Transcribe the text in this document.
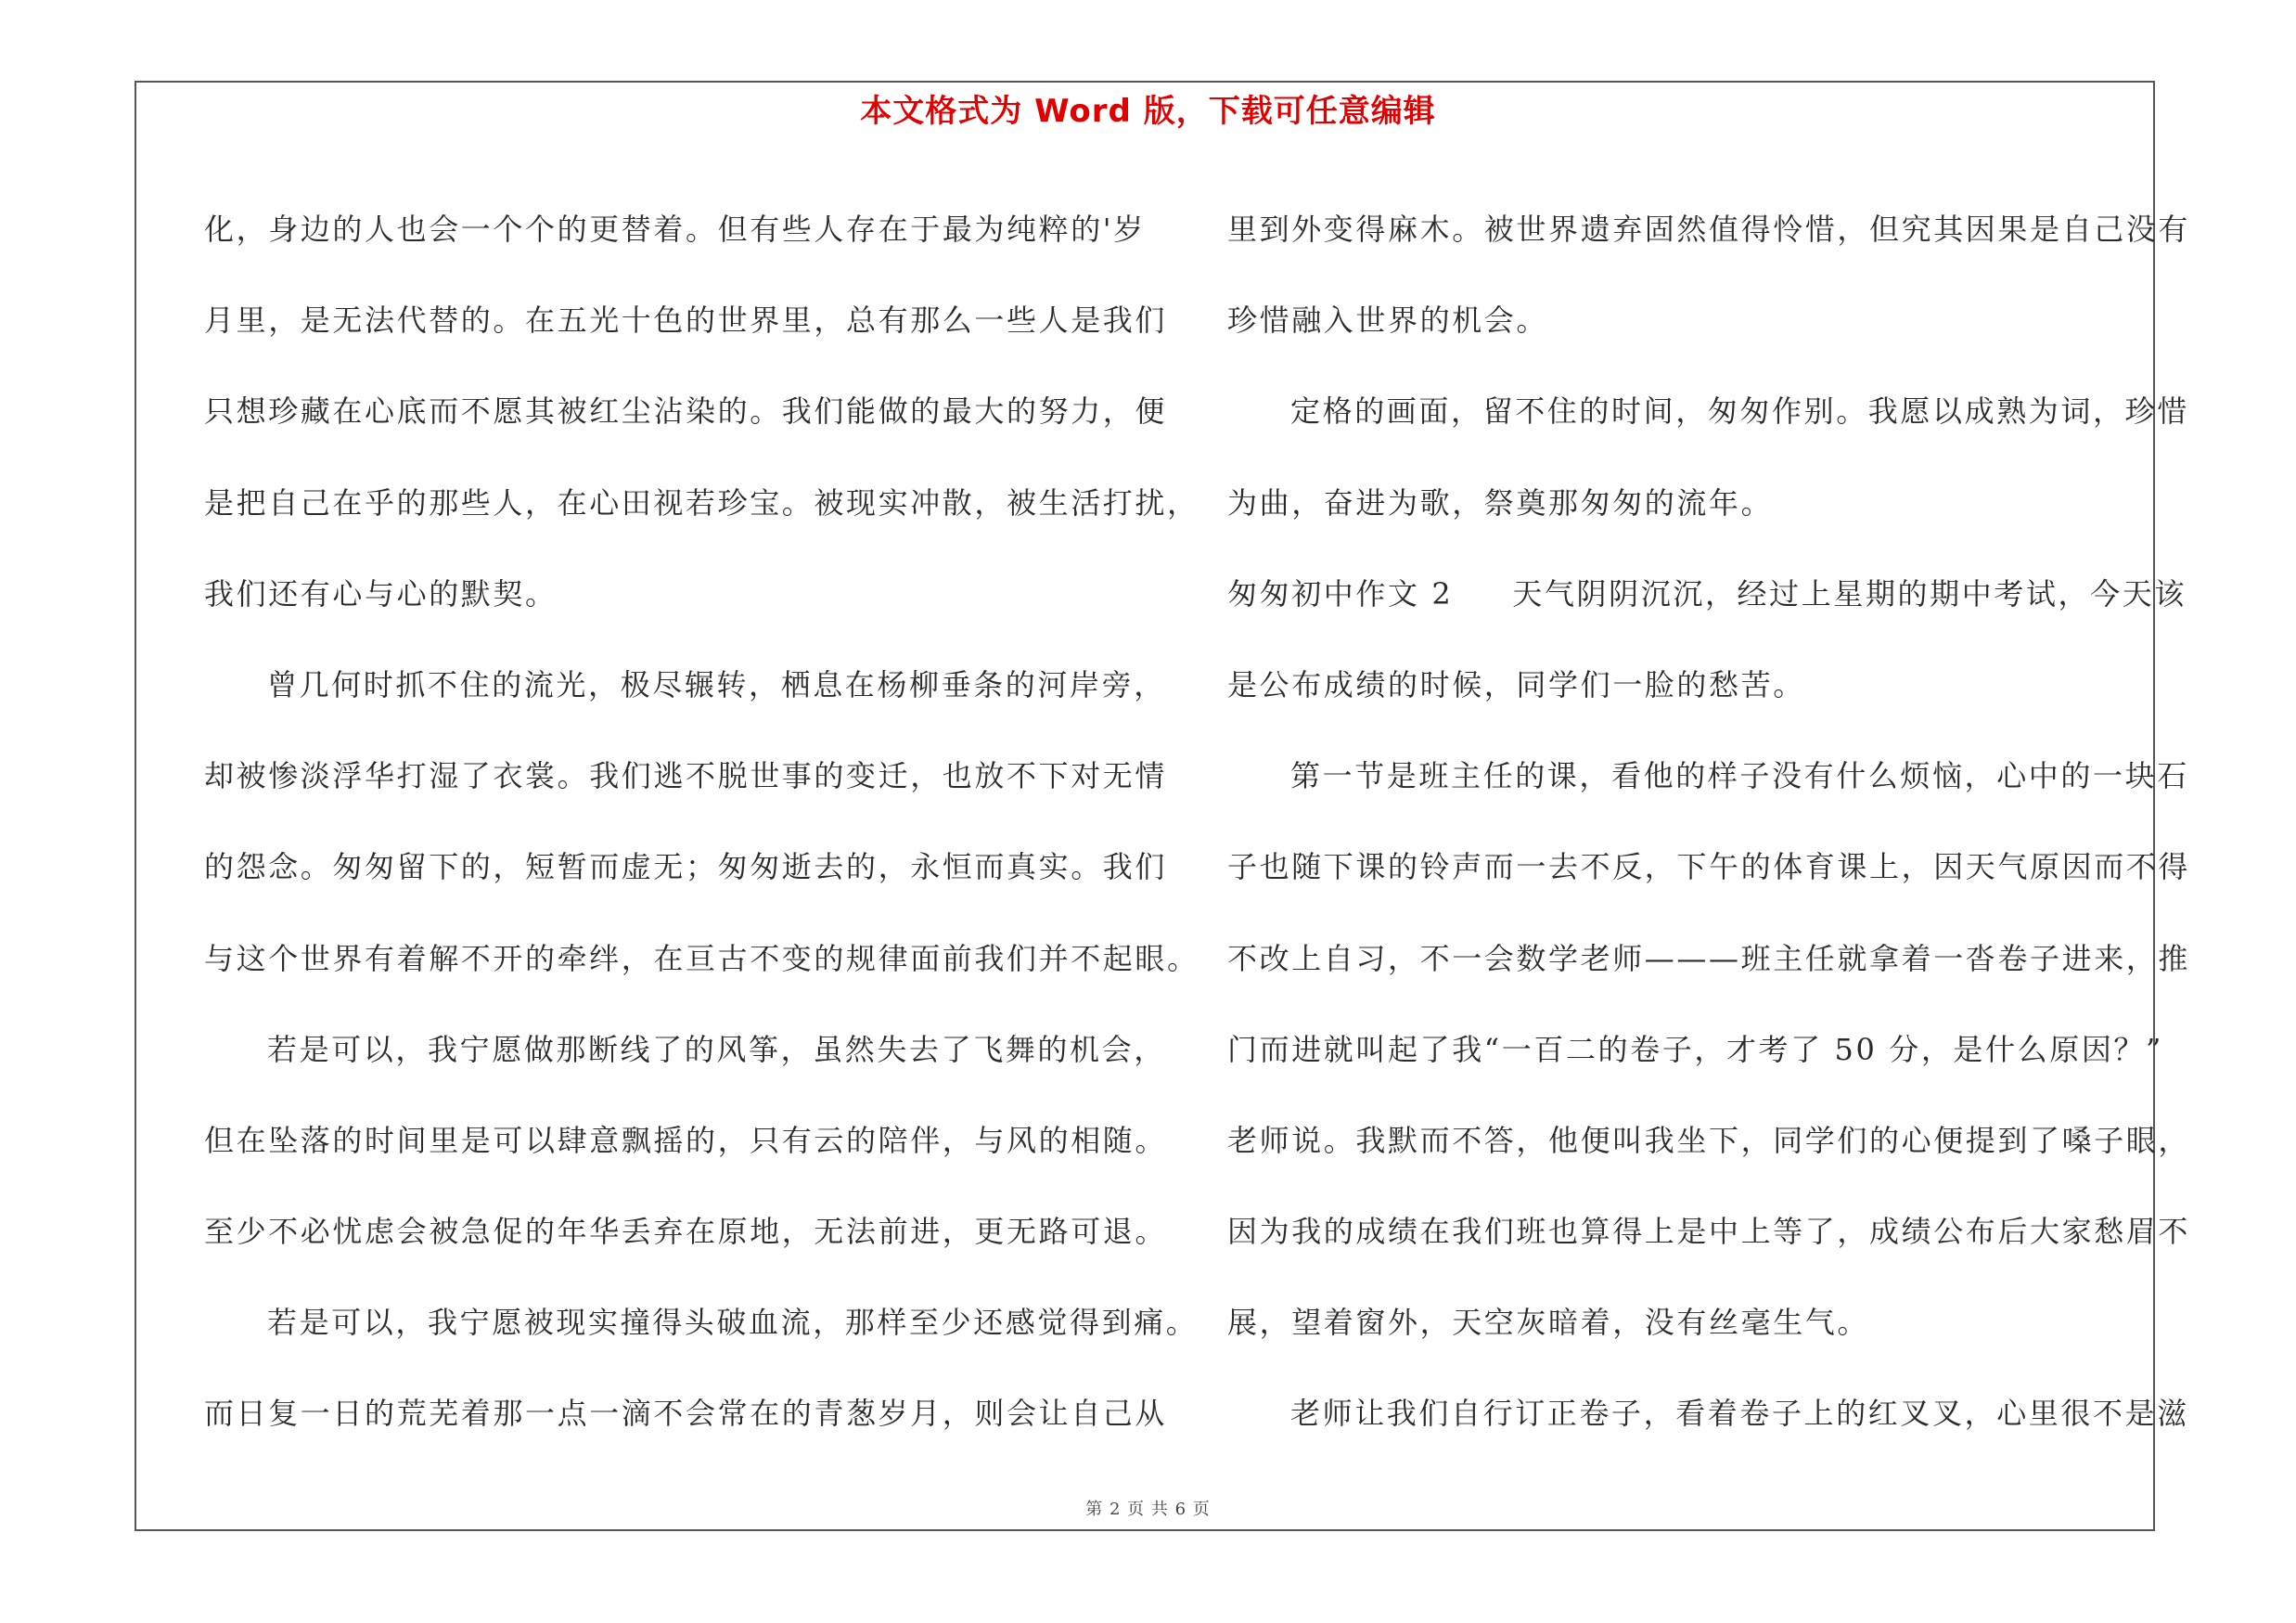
本文格式为 Word 版，下载可任意编辑
化，身边的人也会一个个的更替着。但有些人存在于最为纯粹的'岁
月里，是无法代替的。在五光十色的世界里，总有那么一些人是我们
只想珍藏在心底而不愿其被红尘沾染的。我们能做的最大的努力，便
是把自己在乎的那些人，在心田视若珍宝。被现实冲散，被生活打扰，
我们还有心与心的默契。
曾几何时抓不住的流光，极尽辗转，栖息在杨柳垂条的河岸旁，
却被惨淡浮华打湿了衣裳。我们逃不脱世事的变迁，也放不下对无情
的怨念。匆匆留下的，短暂而虚无；匆匆逝去的，永恒而真实。我们
与这个世界有着解不开的牵绊，在亘古不变的规律面前我们并不起眼。
若是可以，我宁愿做那断线了的风筝，虽然失去了飞舞的机会，
但在坠落的时间里是可以肆意飘摇的，只有云的陪伴，与风的相随。
至少不必忧虑会被急促的年华丢弃在原地，无法前进，更无路可退。
若是可以，我宁愿被现实撞得头破血流，那样至少还感觉得到痛。
而日复一日的荒芜着那一点一滴不会常在的青葱岁月，则会让自己从
里到外变得麻木。被世界遗弃固然值得怜惜，但究其因果是自己没有
珍惜融入世界的机会。
定格的画面，留不住的时间，匆匆作别。我愿以成熟为词，珍惜
为曲，奋进为歌，祭奠那匆匆的流年。
匆匆初中作文 2 天气阴阴沉沉，经过上星期的期中考试，今天该
是公布成绩的时候，同学们一脸的愁苦。
第一节是班主任的课，看他的样子没有什么烦恼，心中的一块石
子也随下课的铃声而一去不反，下午的体育课上，因天气原因而不得
不改上自习，不一会数学老师———班主任就拿着一沓卷子进来，推
门而进就叫起了我“一百二的卷子，才考了 50 分，是什么原因？”
老师说。我默而不答，他便叫我坐下，同学们的心便提到了嗓子眼，
因为我的成绩在我们班也算得上是中上等了，成绩公布后大家愁眉不
展，望着窗外，天空灰暗着，没有丝毫生气。
老师让我们自行订正卷子，看着卷子上的红叉叉，心里很不是滋
第 2 页 共 6 页
